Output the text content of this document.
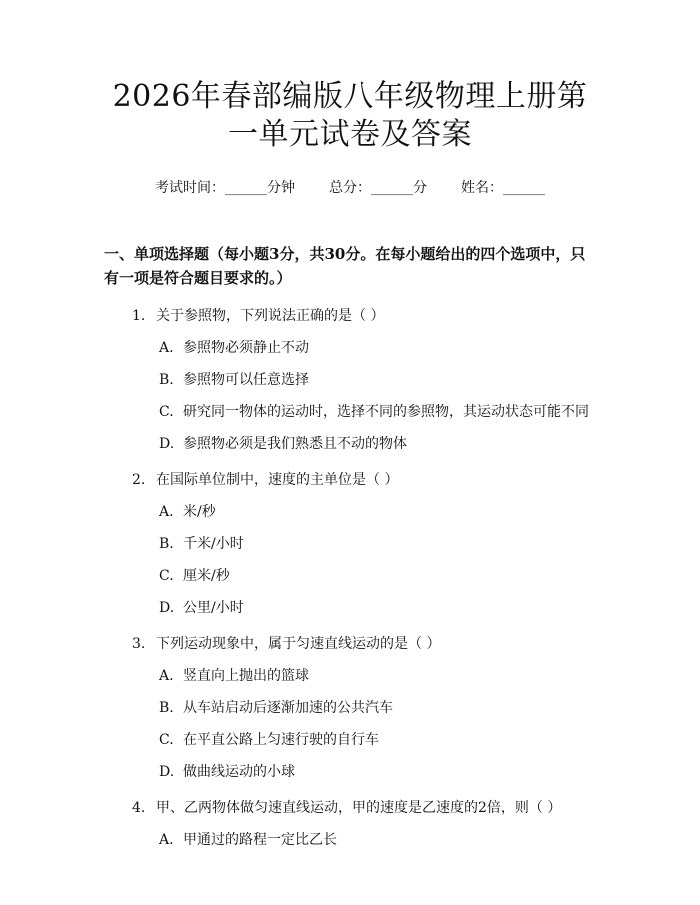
2026年春部编版八年级物理上册第一单元试卷及答案
考试时间：______分钟 总分：______分 姓名：______
一、单项选择题（每小题3分，共30分。在每小题给出的四个选项中，只有一项是符合题目要求的。）
1. 关于参照物，下列说法正确的是（ ）
A. 参照物必须静止不动
B. 参照物可以任意选择
C. 研究同一物体的运动时，选择不同的参照物，其运动状态可能不同
D. 参照物必须是我们熟悉且不动的物体
2. 在国际单位制中，速度的主单位是（ ）
A. 米/秒
B. 千米/小时
C. 厘米/秒
D. 公里/小时
3. 下列运动现象中，属于匀速直线运动的是（ ）
A. 竖直向上抛出的篮球
B. 从车站启动后逐渐加速的公共汽车
C. 在平直公路上匀速行驶的自行车
D. 做曲线运动的小球
4. 甲、乙两物体做匀速直线运动，甲的速度是乙速度的2倍，则（ ）
A. 甲通过的路程一定比乙长
